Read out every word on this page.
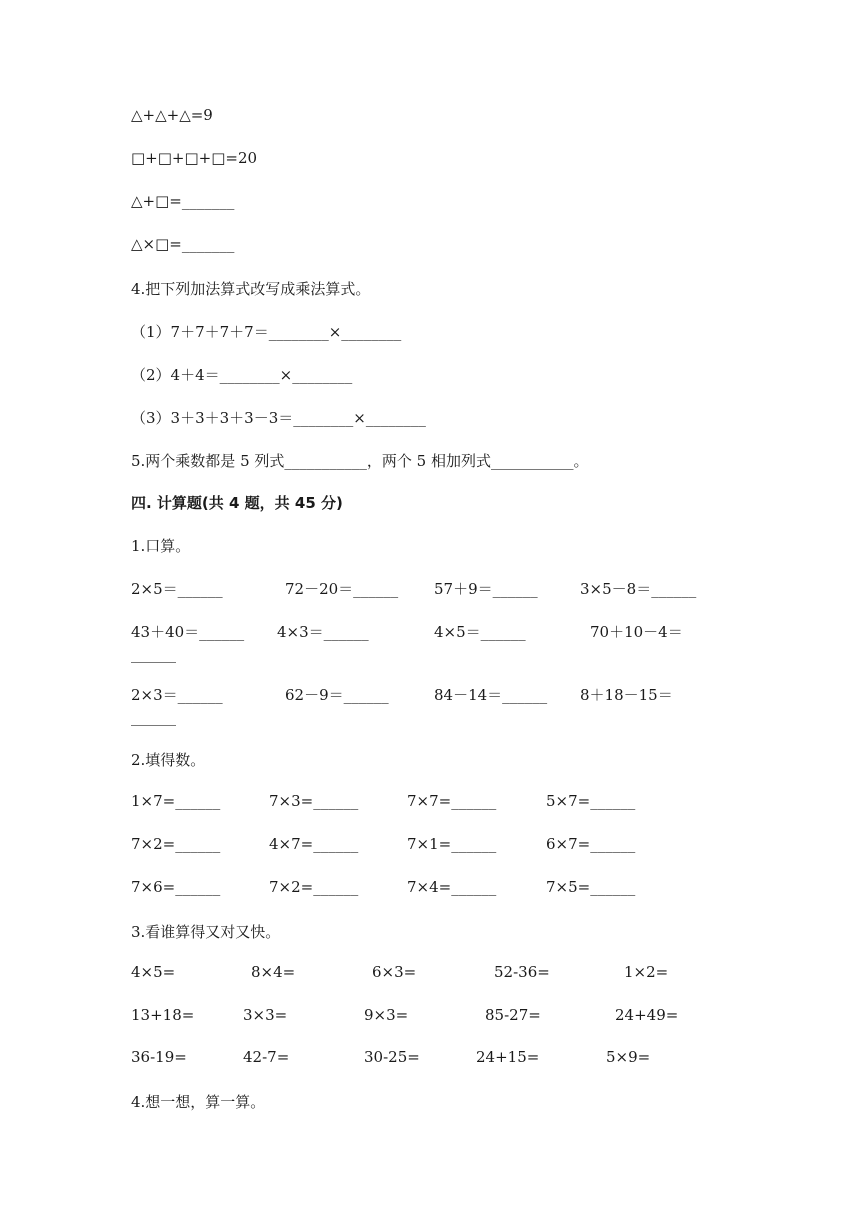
△+△+△=9
□+□+□+□=20
△+□=_______
△×□=_______
4.把下列加法算式改写成乘法算式。
（1）7＋7＋7＋7＝________×________
（2）4＋4＝________×________
（3）3＋3＋3＋3－3＝________×________
5.两个乘数都是 5 列式___________，两个 5 相加列式___________。
四. 计算题(共 4 题，共 45 分)
1.口算。
2×5＝______	72－20＝______ 57＋9＝______	3×5－8＝______
43＋40＝______ 4×3＝______	4×5＝______	70＋10－4＝
______
2×3＝______	62－9＝______	84－14＝______ 8＋18－15＝
______
2.填得数。
1×7=______	7×3=______	7×7=______	5×7=______
7×2=______	4×7=______	7×1=______	6×7=______
7×6=______	7×2=______	7×4=______	7×5=______
3.看谁算得又对又快。
4×5=	8×4=	6×3=	52-36=	1×2=
13+18=	3×3=	9×3=	85-27=	24+49=
36-19=	42-7=	30-25=	24+15=	5×9=
4.想一想，算一算。
